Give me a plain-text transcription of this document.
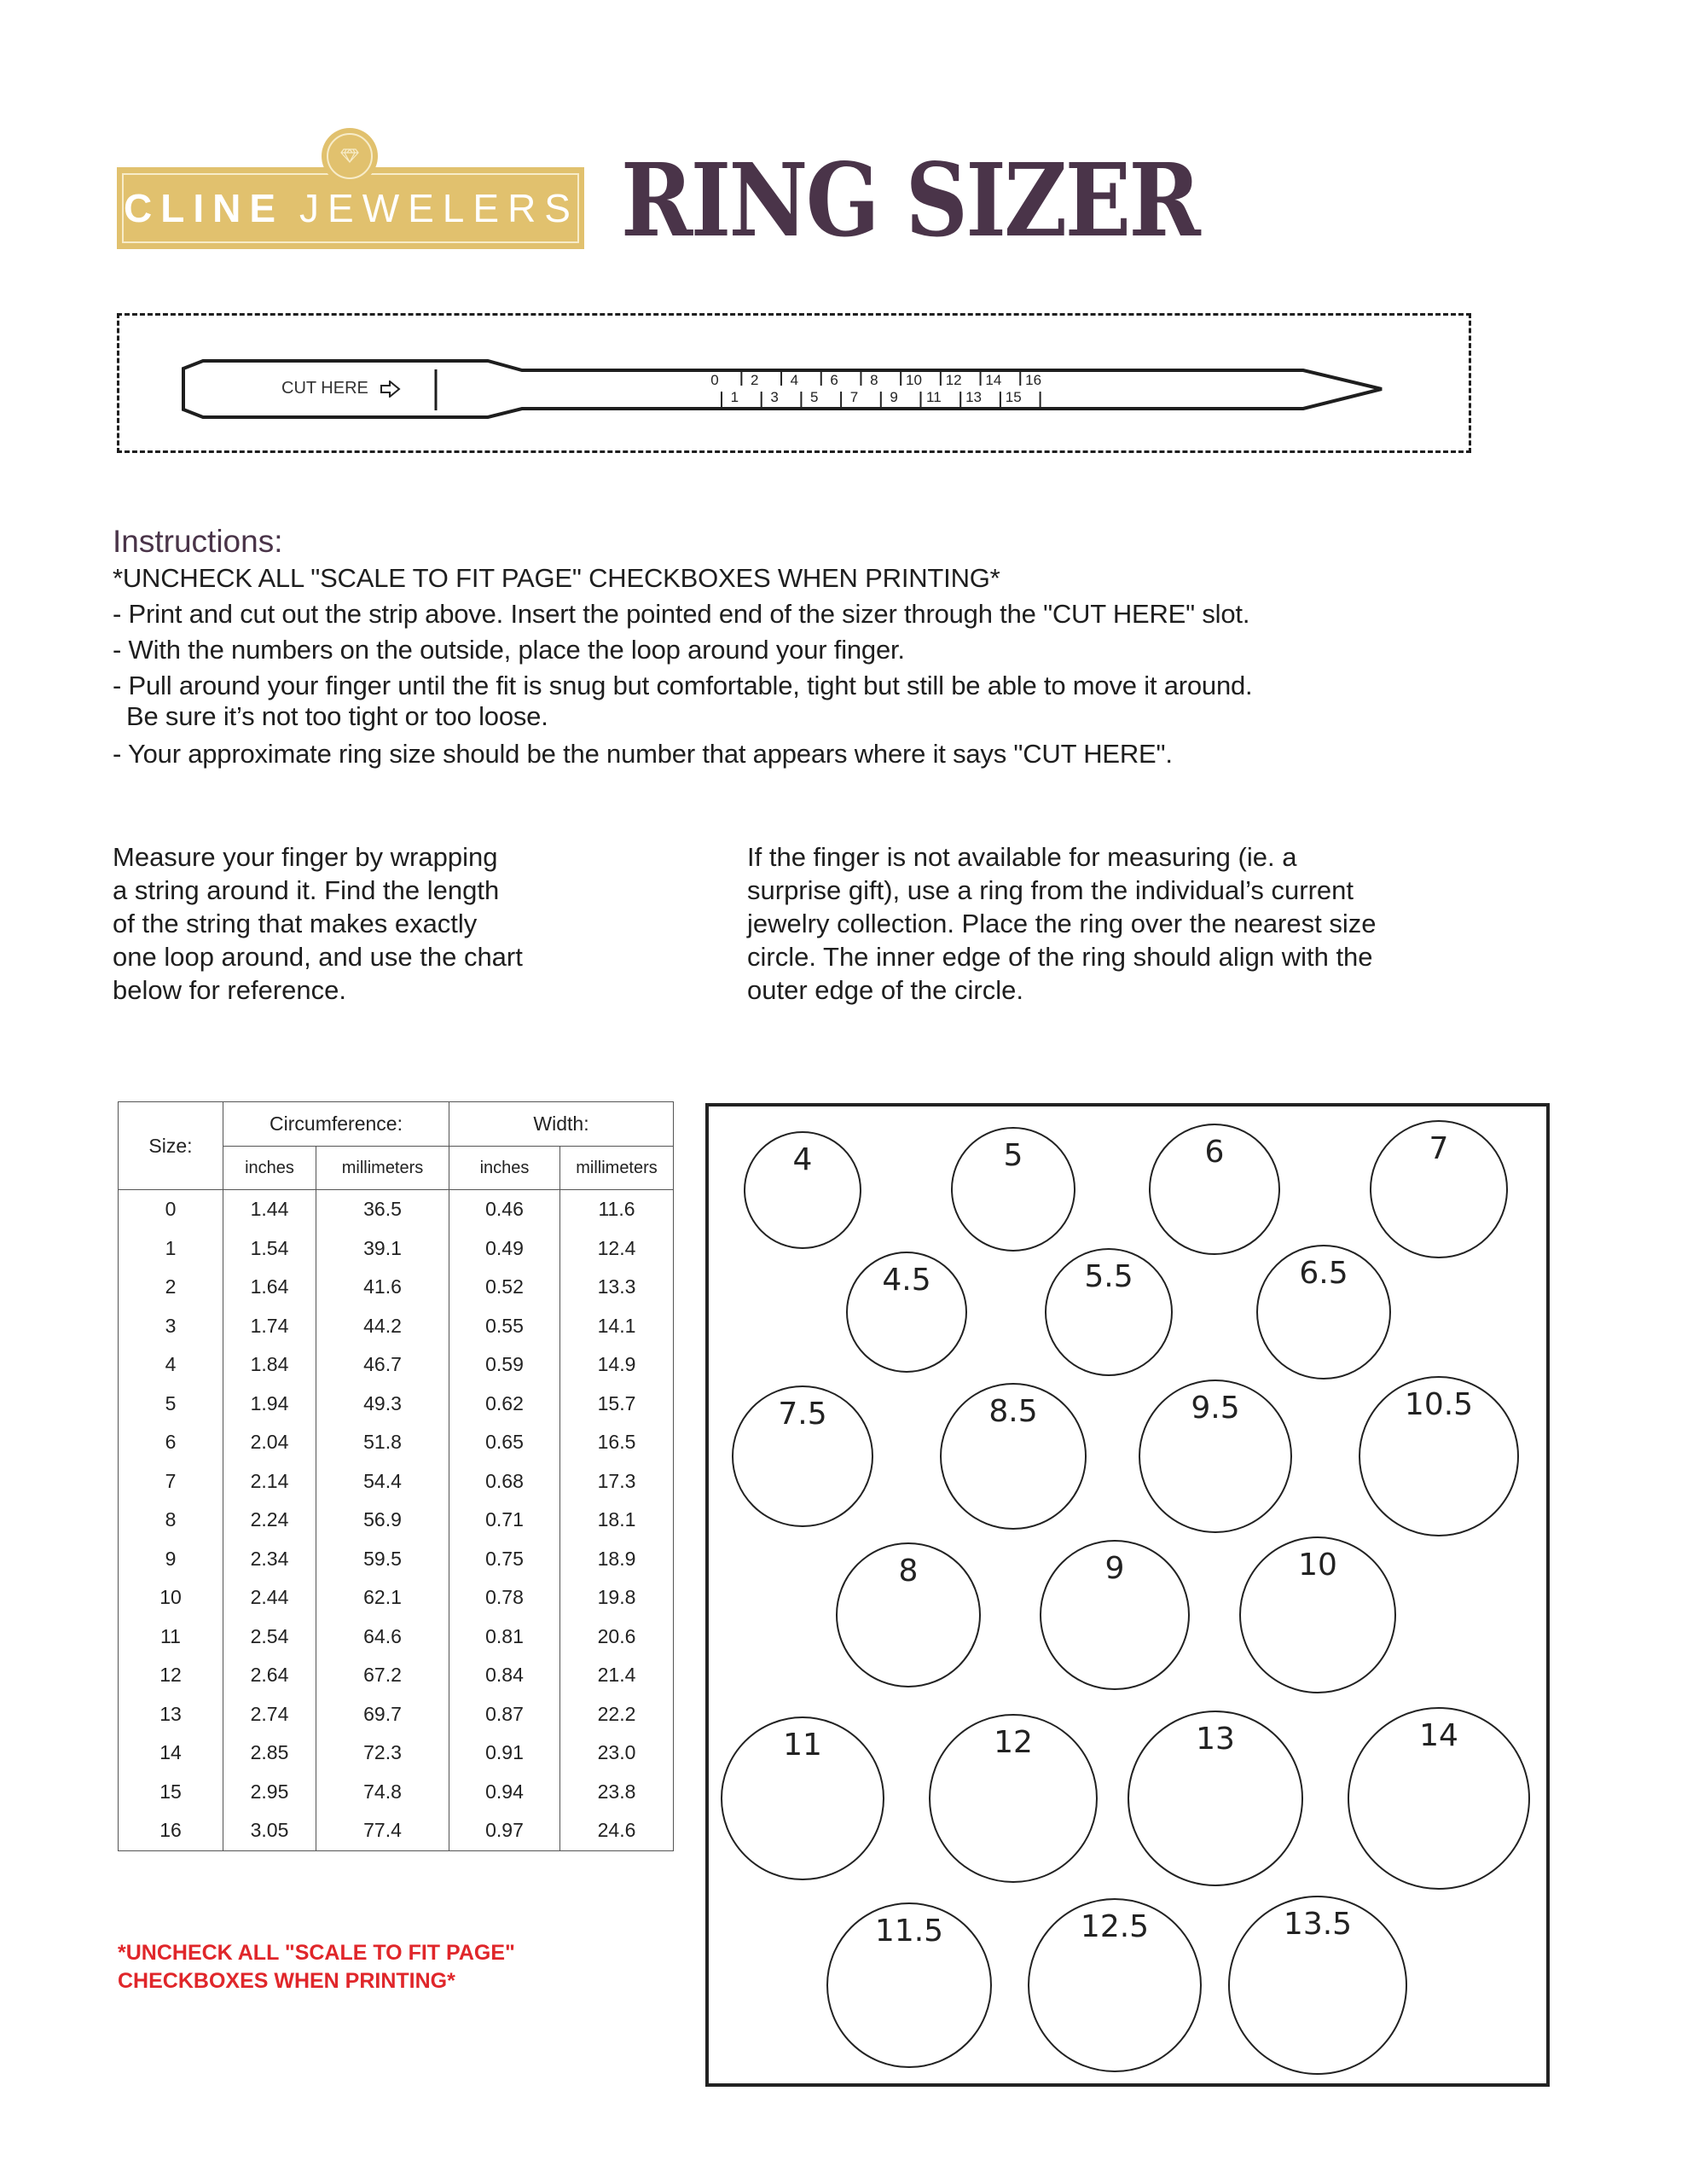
CLINE JEWELERS RING SIZER
CUT HERE	0 2 4 6 8 10 12 14 16
1 3 5 7 9 11 13 15
Instructions:
*UNCHECK ALL "SCALE TO FIT PAGE" CHECKBOXES WHEN PRINTING*
- Print and cut out the strip above. Insert the pointed end of the sizer through the "CUT HERE" slot.
- With the numbers on the outside, place the loop around your finger.
- Pull around your finger until the fit is snug but comfortable, tight but still be able to move it around.
Be sure it’s not too tight or too loose.
- Your approximate ring size should be the number that appears where it says "CUT HERE".
Measure your finger by wrapping
a string around it. Find the length
of the string that makes exactly
one loop around, and use the chart
below for reference.
If the finger is not available for measuring (ie. a
surprise gift), use a ring from the individual’s current
jewelry collection. Place the ring over the nearest size
circle. The inner edge of the ring should align with the
outer edge of the circle.
Size:	Circumference:		Width:	
	inches	millimeters	inches	millimeters
0	1.44	36.5	0.46	11.6
1	1.54	39.1	0.49	12.4
2	1.64	41.6	0.52	13.3
3	1.74	44.2	0.55	14.1
4	1.84	46.7	0.59	14.9
5	1.94	49.3	0.62	15.7
6	2.04	51.8	0.65	16.5
7	2.14	54.4	0.68	17.3
8	2.24	56.9	0.71	18.1
9	2.34	59.5	0.75	18.9
10	2.44	62.1	0.78	19.8
11	2.54	64.6	0.81	20.6
12	2.64	67.2	0.84	21.4
13	2.74	69.7	0.87	22.2
14	2.85	72.3	0.91	23.0
15	2.95	74.8	0.94	23.8
16	3.05	77.4	0.97	24.6
*UNCHECK ALL "SCALE TO FIT PAGE"
CHECKBOXES WHEN PRINTING*
4	5	6	7
4.5	5.5	6.5
7.5	8.5	9.5	10.5
8	9	10
11	12	13	14
11.5	12.5	13.5
